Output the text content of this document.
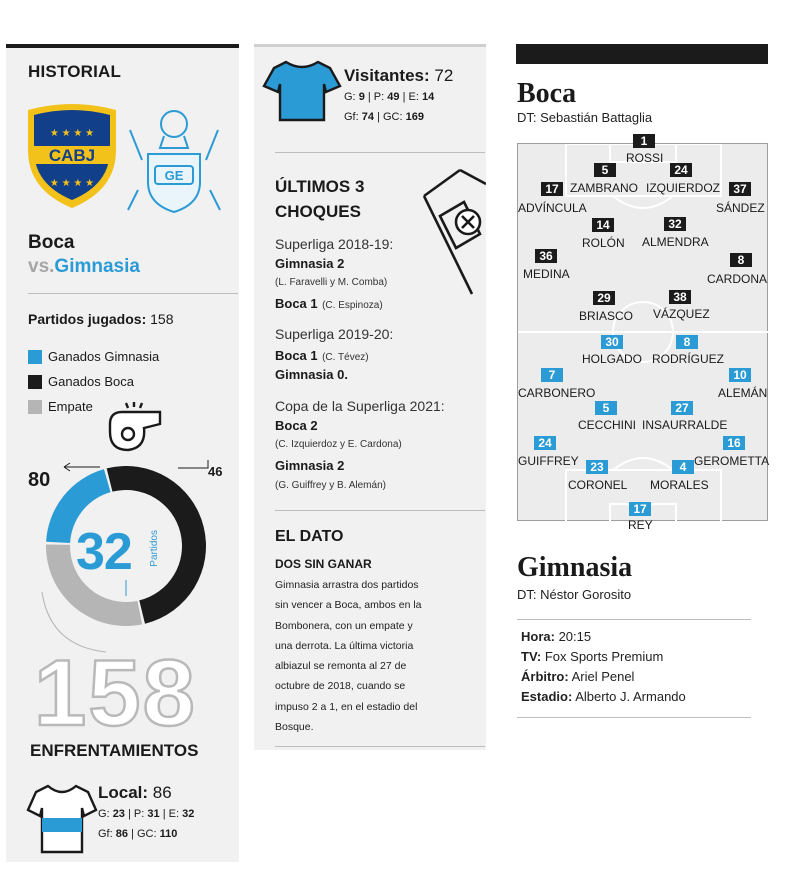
HISTORIAL
CABJ
★ ★ ★ ★
★ ★ ★ ★
GE
Boca
vs.Gimnasia
Partidos jugados: 158
Ganados Gimnasia
Ganados Boca
Empate
80	46
32 Partidos
158
ENFRENTAMIENTOS
Local: 86
G: 23 | P: 31 | E: 32
Gf: 86 | GC: 110
Visitantes: 72
G: 9 | P: 49 | E: 14
Gf: 74 | GC: 169
ÚLTIMOS 3
CHOQUES
Superliga 2018-19:
Gimnasia 2
(L. Faravelli y M. Comba)
Boca 1 (C. Espinoza)
Superliga 2019-20:
Boca 1 (C. Tévez)
Gimnasia 0.
Copa de la Superliga 2021:
Boca 2
(C. Izquierdoz y E. Cardona)
Gimnasia 2
(G. Guiffrey y B. Alemán)
EL DATO
DOS SIN GANAR
Gimnasia arrastra dos partidos
sin vencer a Boca, ambos en la
Bombonera, con un empate y
una derrota. La última victoria
albiazul se remonta al 27 de
octubre de 2018, cuando se
impuso 2 a 1, en el estadio del
Bosque.
Boca
DT: Sebastián Battaglia
1
ROSSI
5
ZAMBRANO
24
IZQUIERDOZ
17
ADVÍNCULA
37
SÁNDEZ
14
ROLÓN
32
ALMENDRA
36
MEDINA
8
CARDONA
29
BRIASCO
38
VÁZQUEZ
30
HOLGADO
8
RODRÍGUEZ
7
CARBONERO
10
ALEMÁN
5
CECCHINI
27
INSAURRALDE
24
GUIFFREY
16
GEROMETTA
23
CORONEL
4
MORALES
17
REY
Gimnasia
DT: Néstor Gorosito
Hora: 20:15
TV: Fox Sports Premium
Árbitro: Ariel Penel
Estadio: Alberto J. Armando
